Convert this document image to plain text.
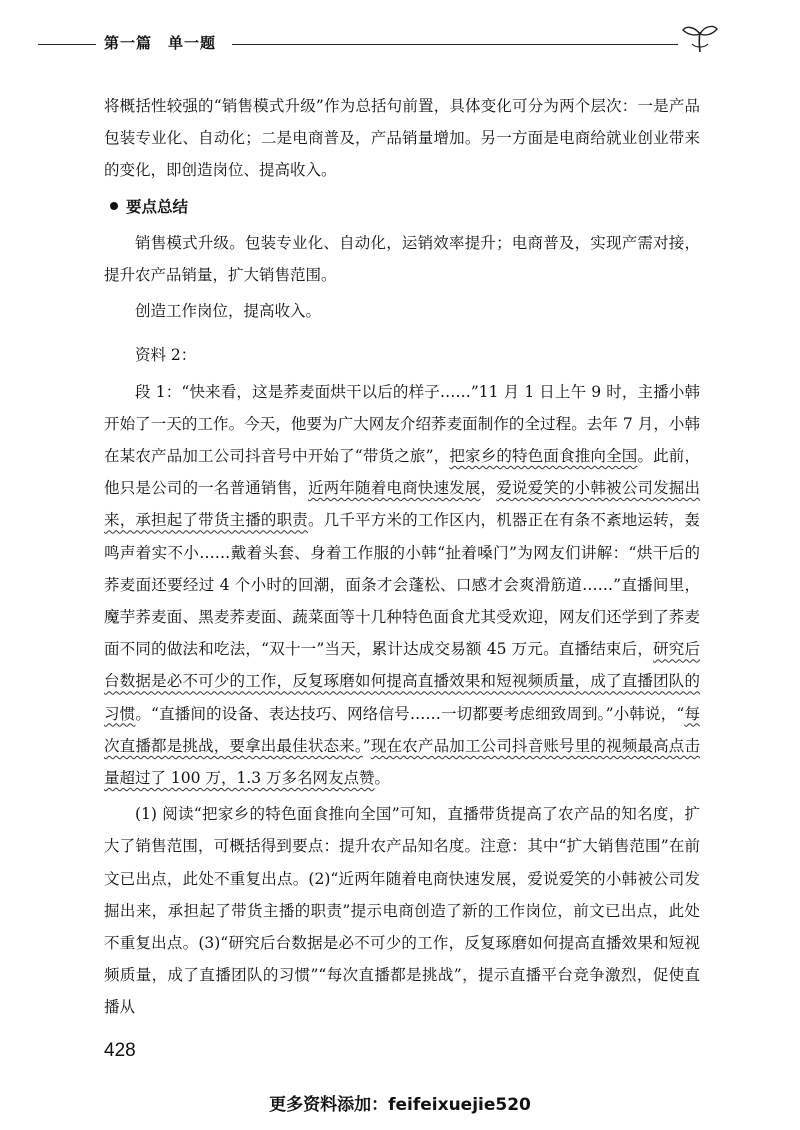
第一篇　单一题

将概括性较强的“销售模式升级”作为总括句前置，具体变化可分为两个层次：一是产品包装专业化、自动化；二是电商普及，产品销量增加。另一方面是电商给就业创业带来的变化，即创造岗位、提高收入。

要点总结

销售模式升级。包装专业化、自动化，运销效率提升；电商普及，实现产需对接，提升农产品销量，扩大销售范围。

创造工作岗位，提高收入。

资料 2：

段 1：“快来看，这是荞麦面烘干以后的样子……”11 月 1 日上午 9 时，主播小韩开始了一天的工作。今天，他要为广大网友介绍荞麦面制作的全过程。去年 7 月，小韩在某农产品加工公司抖音号中开始了“带货之旅”，把家乡的特色面食推向全国。此前，他只是公司的一名普通销售，近两年随着电商快速发展，爱说爱笑的小韩被公司发掘出来，承担起了带货主播的职责。几千平方米的工作区内，机器正在有条不紊地运转，轰鸣声着实不小……戴着头套、身着工作服的小韩“扯着嗓门”为网友们讲解：“烘干后的荞麦面还要经过 4 个小时的回潮，面条才会蓬松、口感才会爽滑筋道……”直播间里，魔芋荞麦面、黑麦荞麦面、蔬菜面等十几种特色面食尤其受欢迎，网友们还学到了荞麦面不同的做法和吃法，“双十一”当天，累计达成交易额 45 万元。直播结束后，研究后台数据是必不可少的工作，反复琢磨如何提高直播效果和短视频质量，成了直播团队的习惯。“直播间的设备、表达技巧、网络信号……一切都要考虑细致周到。”小韩说，“每次直播都是挑战，要拿出最佳状态来。”现在农产品加工公司抖音账号里的视频最高点击量超过了 100 万，1.3 万多名网友点赞。

(1) 阅读“把家乡的特色面食推向全国”可知，直播带货提高了农产品的知名度，扩大了销售范围，可概括得到要点：提升农产品知名度。注意：其中“扩大销售范围”在前文已出点，此处不重复出点。(2)“近两年随着电商快速发展，爱说爱笑的小韩被公司发掘出来，承担起了带货主播的职责”提示电商创造了新的工作岗位，前文已出点，此处不重复出点。(3)“研究后台数据是必不可少的工作，反复琢磨如何提高直播效果和短视频质量，成了直播团队的习惯”“每次直播都是挑战”，提示直播平台竞争激烈，促使直播从

428
更多资料添加：feifeixuejie520
